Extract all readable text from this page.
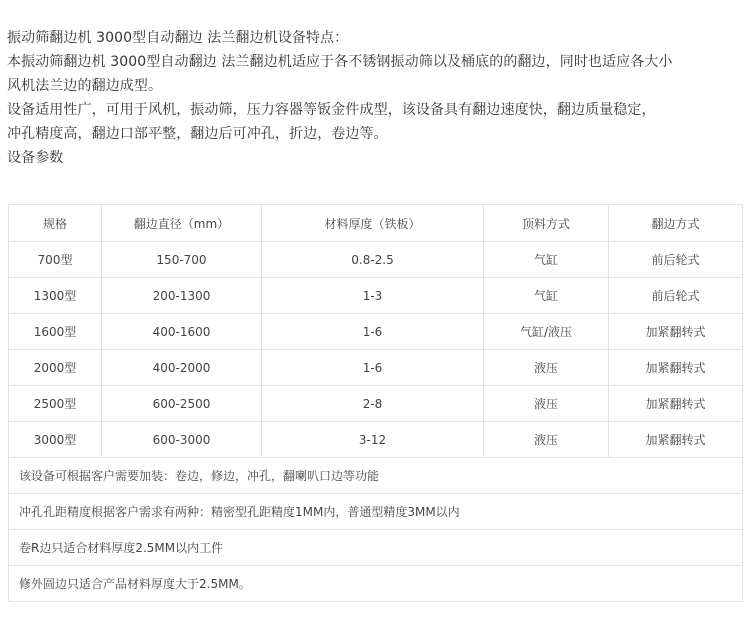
振动筛翻边机 3000型自动翻边 法兰翻边机设备特点：

本振动筛翻边机 3000型自动翻边 法兰翻边机适应于各不锈钢振动筛以及桶底的的翻边，同时也适应各大小

风机法兰边的翻边成型。

设备适用性广，可用于风机，振动筛，压力容器等钣金件成型，该设备具有翻边速度快，翻边质量稳定，

冲孔精度高，翻边口部平整，翻边后可冲孔，折边，卷边等。

设备参数

规格	翻边直径（mm）	材料厚度（铁板）	顶料方式	翻边方式
700型	150-700	0.8-2.5	气缸	前后轮式
1300型	200-1300	1-3	气缸	前后轮式
1600型	400-1600	1-6	气缸/液压	加紧翻转式
2000型	400-2000	1-6	液压	加紧翻转式
2500型	600-2500	2-8	液压	加紧翻转式
3000型	600-3000	3-12	液压	加紧翻转式
该设备可根据客户需要加装：卷边，修边，冲孔，翻喇叭口边等功能				
冲孔孔距精度根据客户需求有两种：精密型孔距精度1MM内，普通型精度3MM以内				
卷R边只适合材料厚度2.5MM以内工件				
修外圆边只适合产品材料厚度大于2.5MM。				
